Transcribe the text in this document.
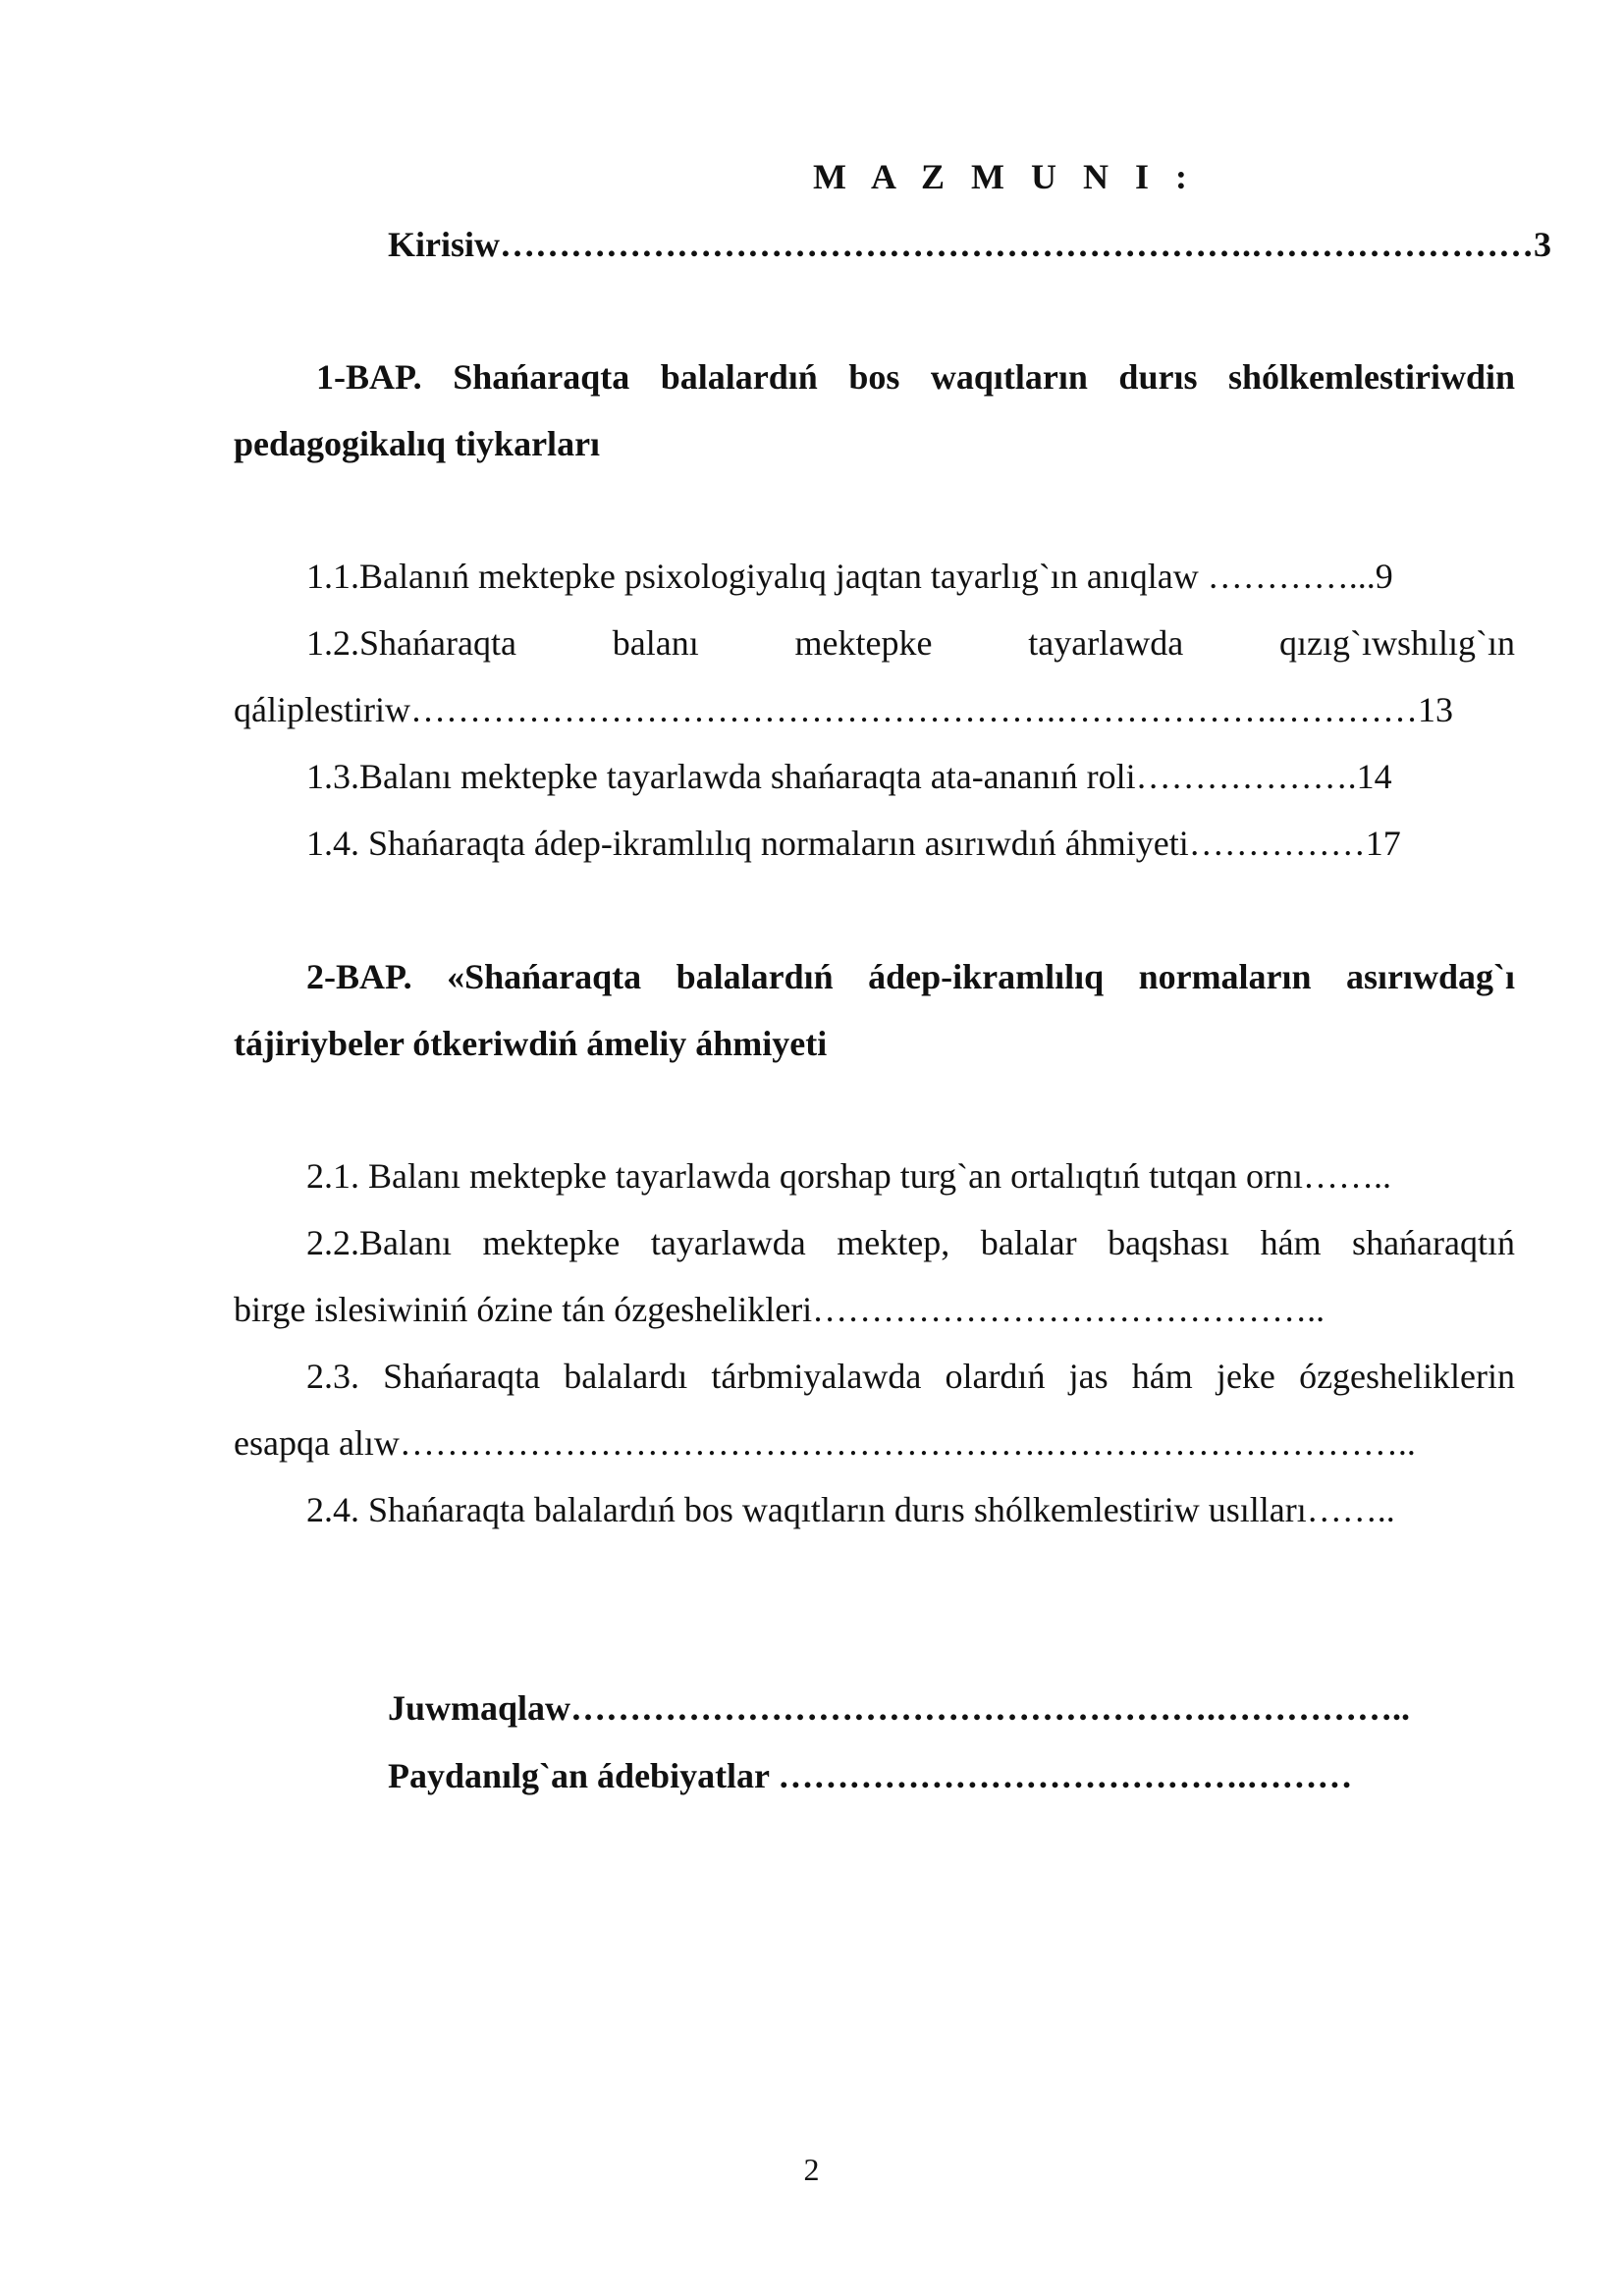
M A Z M U N I :
Kirisiw……………………………………………………….……………………3
1-BAP. Shańaraqta balalardıń bos waqıtların durıs shólkemlestiriwdin
pedagogikalıq tiykarları
1.1.Balanıń mektepke psixologiyalıq jaqtan tayarlıg`ın anıqlaw …………...9
1.2.Shańaraqta balanı mektepke tayarlawda qızıg`ıwshılıg`ın
qáliplestiriw……………………………………………….……………….…………13
1.3.Balanı mektepke tayarlawda shańaraqta ata-ananıń roli……………….14
1.4. Shańaraqta ádep-ikramlılıq normaların asırıwdıń áhmiyeti……………17
2-BAP. «Shańaraqta balalardıń ádep-ikramlılıq normaların asırıwdag`ı
tájiriybeler ótkeriwdiń ámeliy áhmiyeti
2.1. Balanı mektepke tayarlawda qorshap turg`an ortalıqtıń tutqan ornı……..
2.2.Balanı mektepke tayarlawda mektep, balalar baqshası hám shańaraqtıń
birge islesiwiniń ózine tán ózgeshelikleri……………………………………..
2.3. Shańaraqta balalardı tárbmiyalawda olardıń jas hám jeke ózgesheliklerin
esapqa alıw……………………………………………….…………………………..
2.4. Shańaraqta balalardıń bos waqıtların durıs shólkemlestiriw usılları……..
Juwmaqlaw……………………………………………….……………..
Paydanılg`an ádebiyatlar ………………………………….………
2
